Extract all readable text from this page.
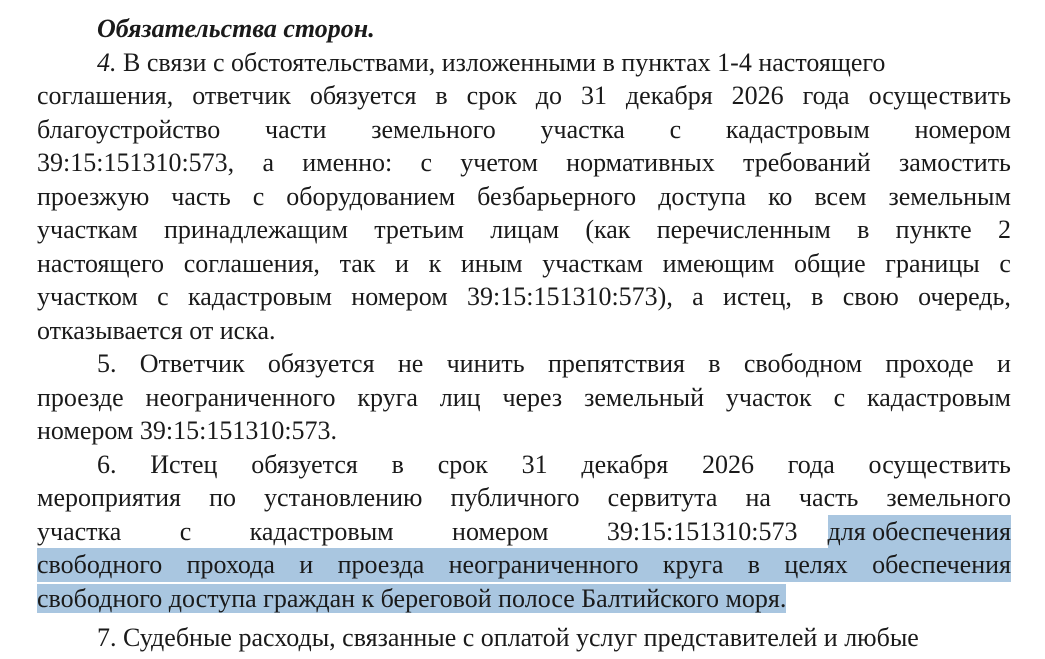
Обязательства сторон.
4. В связи с обстоятельствами, изложенными в пунктах 1-4 настоящего
соглашения, ответчик обязуется в срок до 31 декабря 2026 года осуществить
благоустройство части земельного участка с кадастровым номером
39:15:151310:573, а именно: с учетом нормативных требований замостить
проезжую часть с оборудованием безбарьерного доступа ко всем земельным
участкам принадлежащим третьим лицам (как перечисленным в пункте 2
настоящего соглашения, так и к иным участкам имеющим общие границы с
участком с кадастровым номером 39:15:151310:573), а истец, в свою очередь,
отказывается от иска.
5. Ответчик обязуется не чинить препятствия в свободном проходе и
проезде неограниченного круга лиц через земельный участок с кадастровым
номером 39:15:151310:573.
6. Истец обязуется в срок 31 декабря 2026 года осуществить
мероприятия по установлению публичного сервитута на часть земельного
участка с кадастровым номером 39:15:151310:573 для обеспечения
свободного прохода и проезда неограниченного круга в целях обеспечения
свободного доступа граждан к береговой полосе Балтийского моря.
7. Судебные расходы, связанные с оплатой услуг представителей и любые
